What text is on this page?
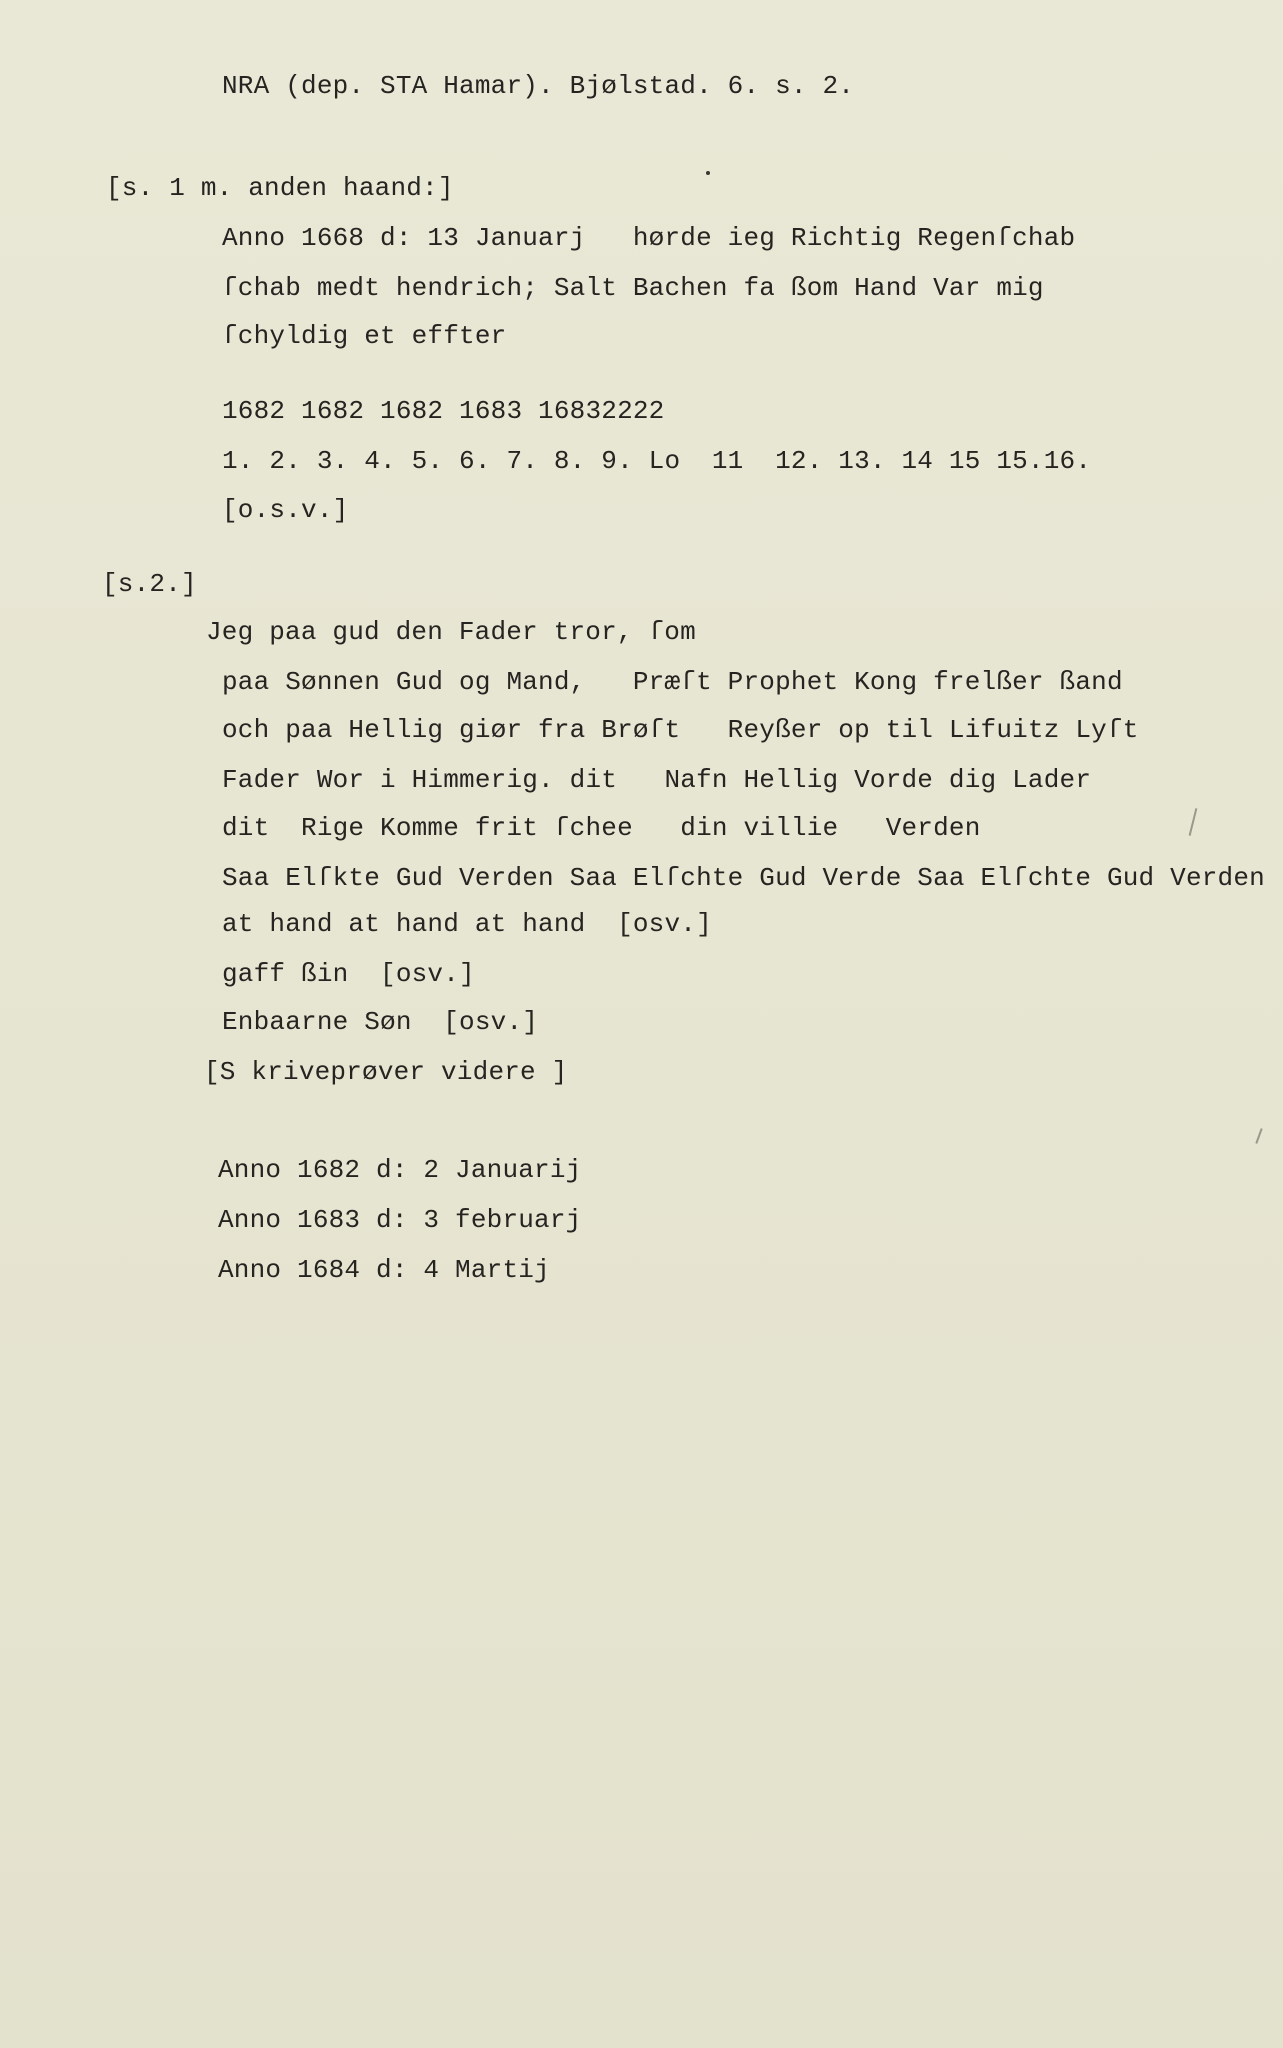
NRA (dep. STA Hamar). Bjølstad. 6. s. 2.
[s. 1 m. anden haand:]
Anno 1668 d: 13 Januarj   hørde ieg Richtig Regenſchab
ſchab medt hendrich; Salt Bachen fa ßom Hand Var mig
ſchyldig et effter
1682 1682 1682 1683 16832222
1. 2. 3. 4. 5. 6. 7. 8. 9. Lo  11  12. 13. 14 15 15.16.
[o.s.v.]
[s.2.]
Jeg paa gud den Fader tror, ſom
paa Sønnen Gud og Mand,   Præſt Prophet Kong frelßer ßand
och paa Hellig giør fra Brøſt   Reyßer op til Lifuitz Lyſt
Fader Wor i Himmerig. dit   Nafn Hellig Vorde dig Lader
dit  Rige Komme frit ſchee   din villie   Verden
Saa Elſkte Gud Verden Saa Elſchte Gud Verde Saa Elſchte Gud Verden
at hand at hand at hand  [osv.]
gaff ßin  [osv.]
Enbaarne Søn  [osv.]
[S kriveprøver videre ]
Anno 1682 d: 2 Januarij
Anno 1683 d: 3 februarj
Anno 1684 d: 4 Martij
